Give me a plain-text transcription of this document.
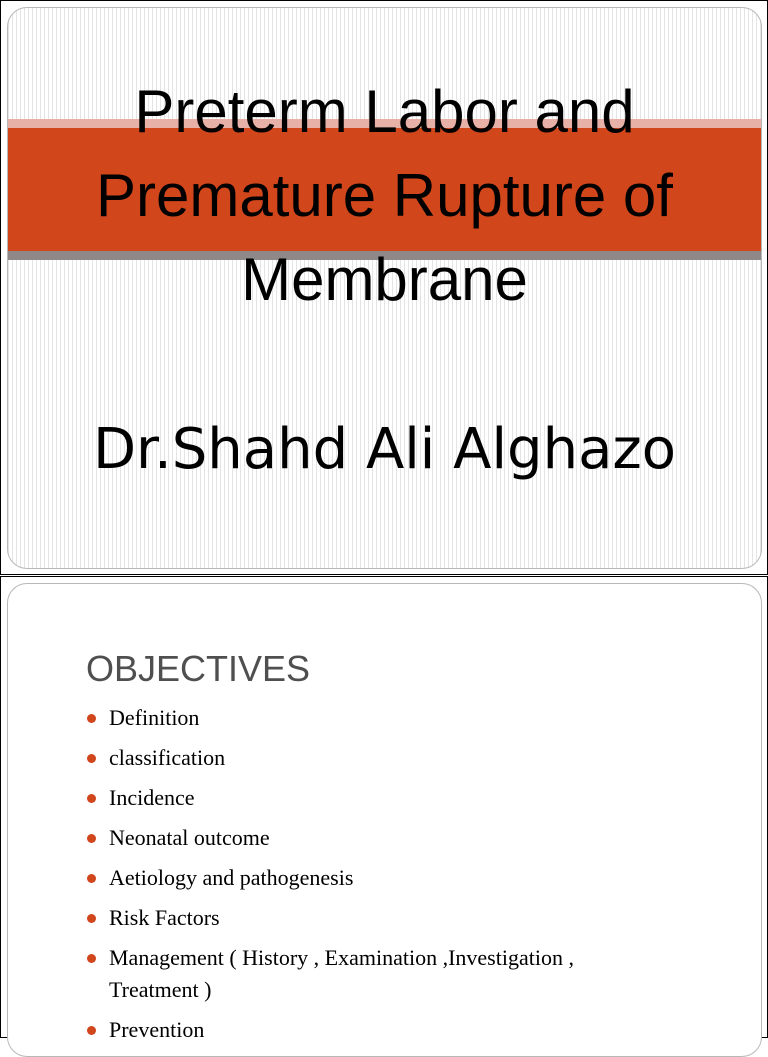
Preterm Labor and Premature Rupture of Membrane

Dr.Shahd Ali Alghazo

OBJECTIVES
Definition
classification
Incidence
Neonatal outcome
Aetiology and pathogenesis
Risk Factors
Management ( History , Examination ,Investigation , Treatment )
Prevention
